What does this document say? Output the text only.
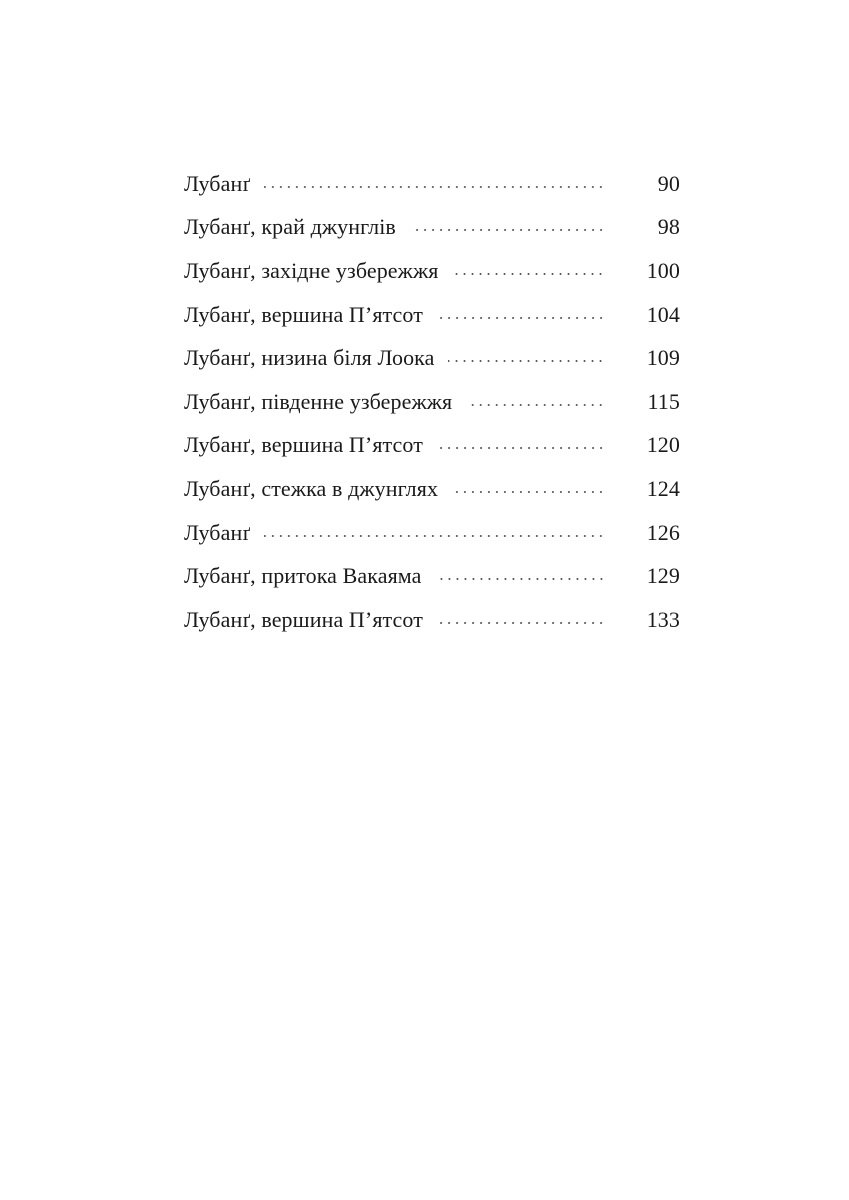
Лубанґ	90
Лубанґ, край джунглів	98
Лубанґ, західне узбережжя	100
Лубанґ, вершина П’ятсот	104
Лубанґ, низина біля Лоока	109
Лубанґ, південне узбережжя	115
Лубанґ, вершина П’ятсот	120
Лубанґ, стежка в джунглях	124
Лубанґ	126
Лубанґ, притока Вакаяма	129
Лубанґ, вершина П’ятсот	133
